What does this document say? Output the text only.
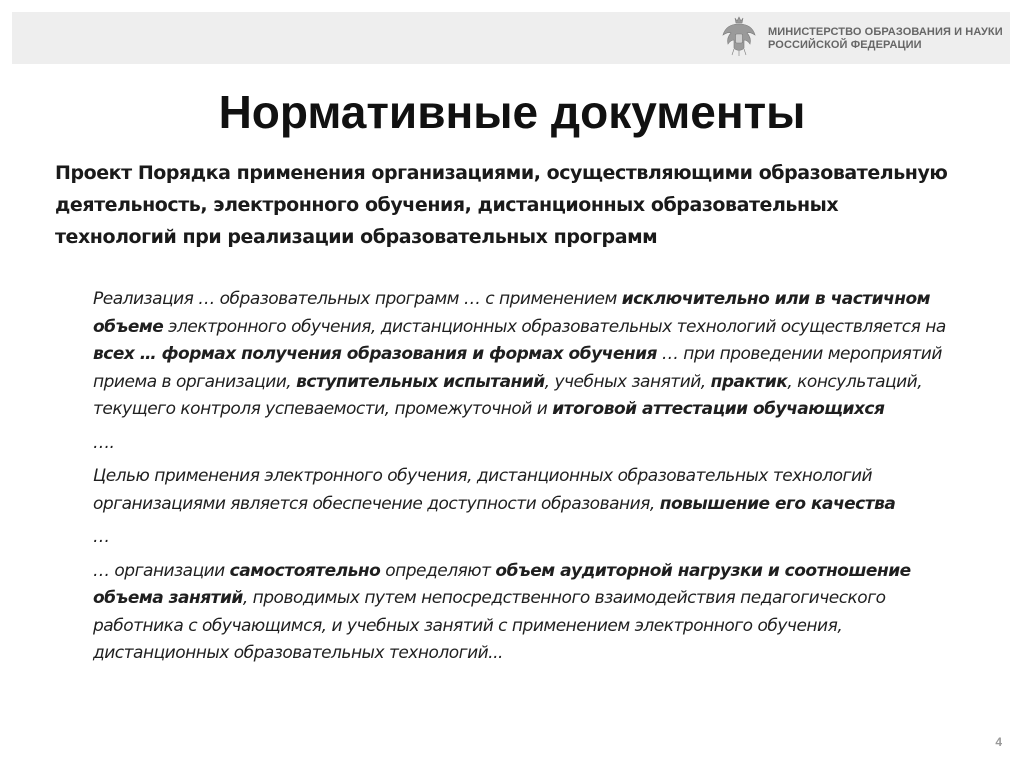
МИНИСТЕРСТВО ОБРАЗОВАНИЯ И НАУКИ
РОССИЙСКОЙ ФЕДЕРАЦИИ
Нормативные документы
Проект Порядка применения организациями, осуществляющими образовательную деятельность, электронного обучения, дистанционных образовательных технологий при реализации образовательных программ

Реализация … образовательных программ … с применением исключительно или в частичном объеме электронного обучения, дистанционных образовательных технологий осуществляется на всех … формах получения образования и формах обучения … при проведении мероприятий приема в организации, вступительных испытаний, учебных занятий, практик, консультаций, текущего контроля успеваемости, промежуточной и итоговой аттестации обучающихся

….

Целью применения электронного обучения, дистанционных образовательных технологий организациями является обеспечение доступности образования, повышение его качества

…

… организации самостоятельно определяют объем аудиторной нагрузки и соотношение объема занятий, проводимых путем непосредственного взаимодействия педагогического работника с обучающимся, и учебных занятий с применением электронного обучения, дистанционных образовательных технологий...

4
